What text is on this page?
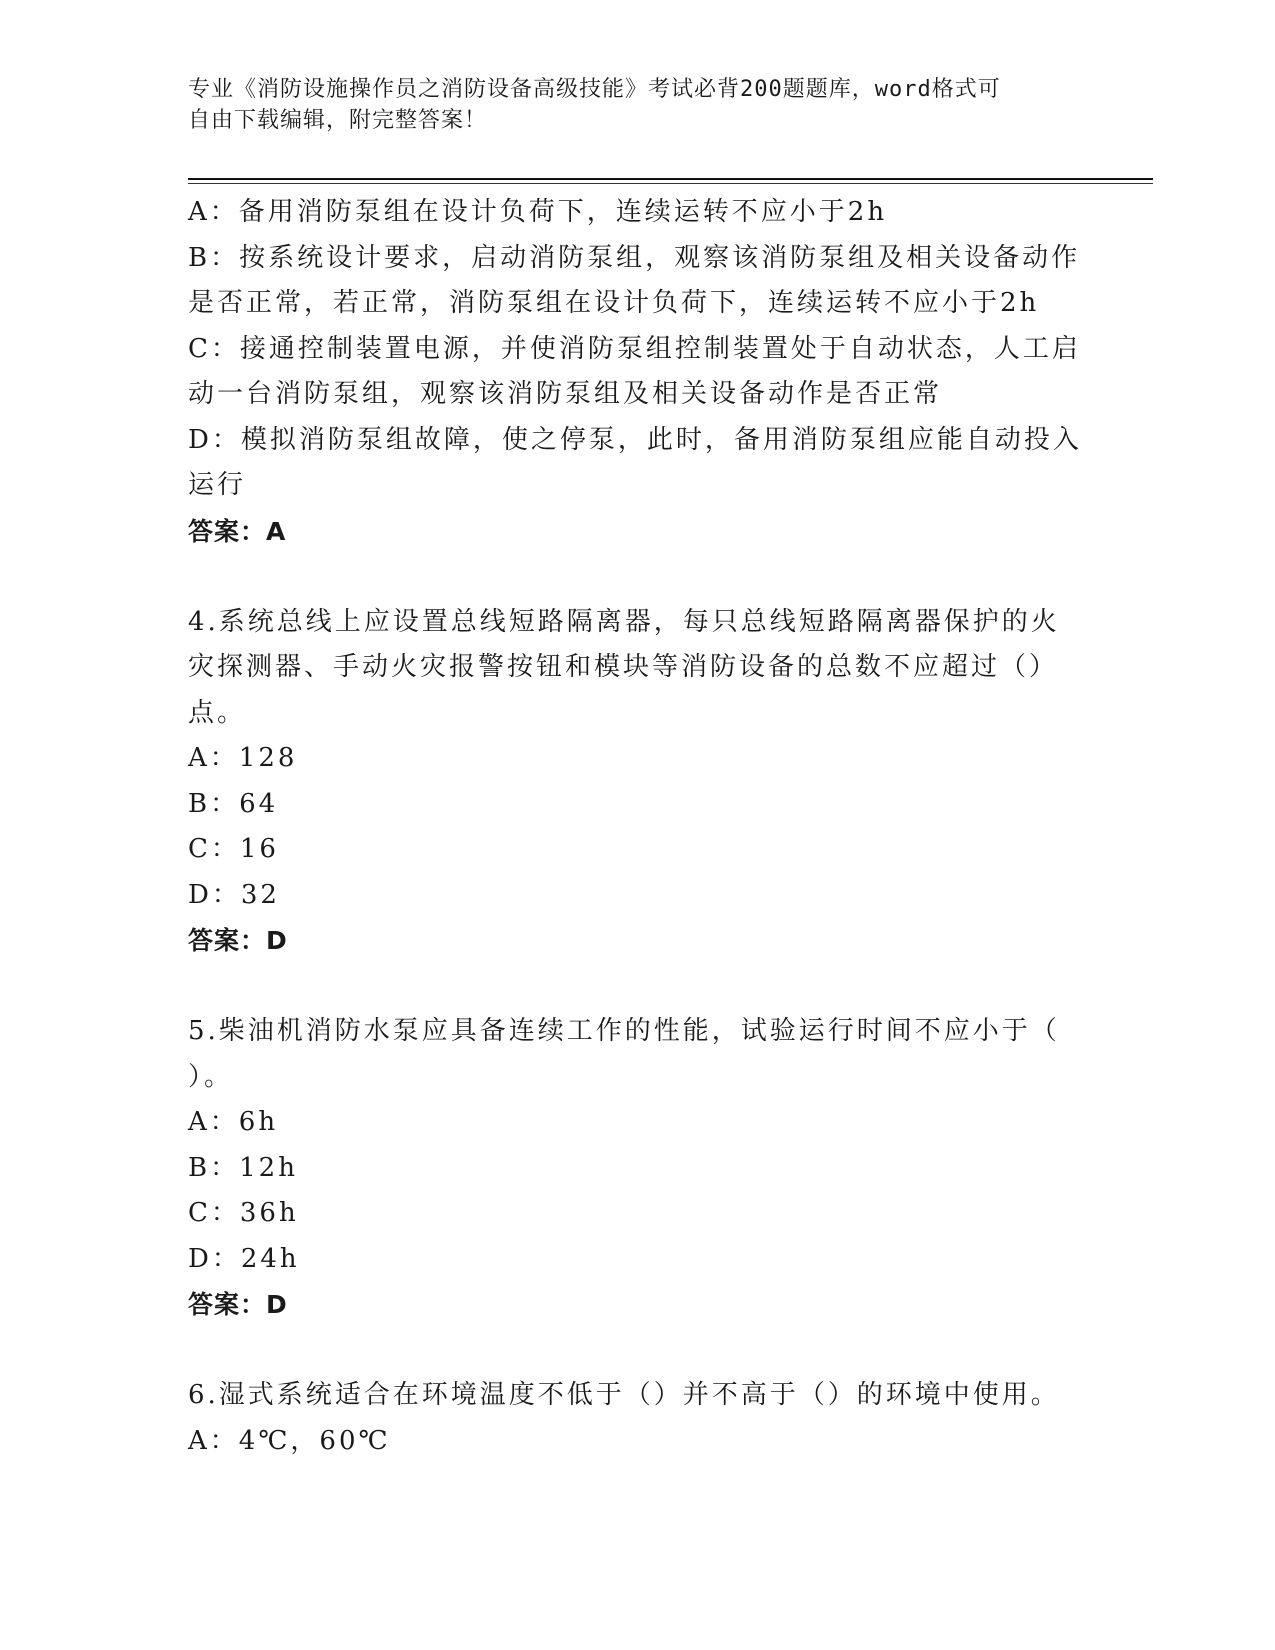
专业《消防设施操作员之消防设备高级技能》考试必背200题题库，word格式可
自由下载编辑，附完整答案！
A：备用消防泵组在设计负荷下，连续运转不应小于2h
B：按系统设计要求，启动消防泵组，观察该消防泵组及相关设备动作
是否正常，若正常，消防泵组在设计负荷下，连续运转不应小于2h
C：接通控制装置电源，并使消防泵组控制装置处于自动状态，人工启
动一台消防泵组，观察该消防泵组及相关设备动作是否正常
D：模拟消防泵组故障，使之停泵，此时，备用消防泵组应能自动投入
运行
答案：A
4.系统总线上应设置总线短路隔离器，每只总线短路隔离器保护的火
灾探测器、手动火灾报警按钮和模块等消防设备的总数不应超过（）
点。
A：128
B：64
C：16
D：32
答案：D
5.柴油机消防水泵应具备连续工作的性能，试验运行时间不应小于（
）。
A：6h
B：12h
C：36h
D：24h
答案：D
6.湿式系统适合在环境温度不低于（）并不高于（）的环境中使用。
A：4℃，60℃
